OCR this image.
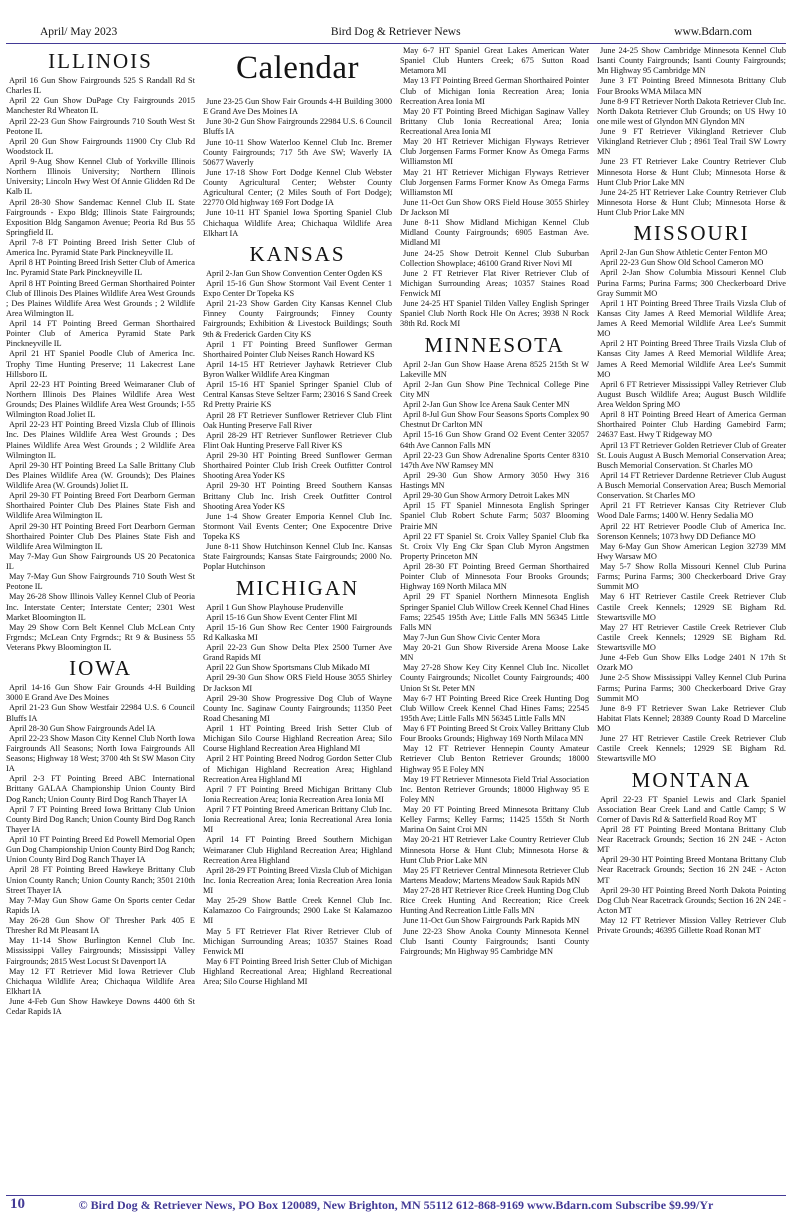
April/ May 2023	Bird Dog & Retriever News	www.Bdarn.com
ILLINOIS

April 16 Gun Show Fairgrounds 525 S Randall Rd St Charles IL

April 22 Gun Show DuPage Cty Fairgrounds 2015 Manchester Rd Wheaton IL

April 22-23 Gun Show Fairgrounds 710 South West St Peotone IL

April 20 Gun Show Fairgrounds 11900 Cty Club Rd Woodstock IL

April 9-Aug Show Kennel Club of Yorkville Illinois Northern Illinois University; Northern Illinois University; Lincoln Hwy West Of Annie Glidden Rd De Kalb IL

April 28-30 Show Sandemac Kennel Club IL State Fairgrounds - Expo Bldg; Illinois State Fairgrounds; Exposition Bldg Sangamon Avenue; Peoria Rd Bus 55 Springfield IL

April 7-8 FT Pointing Breed Irish Setter Club of America Inc. Pyramid State Park Pinckneyville IL

April 8 HT Pointing Breed Irish Setter Club of America Inc. Pyramid State Park Pinckneyville IL

April 8 HT Pointing Breed German Shorthaired Pointer Club of Illinois Des Plaines Wildlife Area West Grounds ; Des Plaines Wildlife Area West Grounds ; 2 Wildlife Area Wilmington IL

April 14 FT Pointing Breed German Shorthaired Pointer Club of America Pyramid State Park Pinckneyville IL

April 21 HT Spaniel Poodle Club of America Inc. Trophy Time Hunting Preserve; 11 Lakecrest Lane Hillsboro IL

April 22-23 HT Pointing Breed Weimaraner Club of Northern Illinois Des Plaines Wildlife Area West Grounds; Des Plaines Wildlife Area West Grounds; I-55 Wilmington Road Joliet IL

April 22-23 HT Pointing Breed Vizsla Club of Illinois Inc. Des Plaines Wildlife Area West Grounds ; Des Plaines Wildlife Area West Grounds ; 2 Wildlife Area Wilmington IL

April 29-30 HT Pointing Breed La Salle Brittany Club Des Plaines Wildlife Area (W. Grounds); Des Plaines Wildlife Area (W. Grounds) Joliet IL

April 29-30 FT Pointing Breed Fort Dearborn German Shorthaired Pointer Club Des Plaines State Fish and Wildlife Area Wilmington IL

April 29-30 HT Pointing Breed Fort Dearborn German Shorthaired Pointer Club Des Plaines State Fish and Wildlife Area Wilmington IL

May 7-May Gun Show Fairgrounds US 20 Pecatonica IL

May 7-May Gun Show Fairgrounds 710 South West St Peotone IL

May 26-28 Show Illinois Valley Kennel Club of Peoria Inc. Interstate Center; Interstate Center; 2301 West Market Bloomington IL

May 29 Show Corn Belt Kennel Club McLean Cnty Frgrnds:; McLean Cnty Frgrnds:; Rt 9 & Business 55 Veterans Pkwy Bloomington IL

IOWA

April 14-16 Gun Show Fair Grounds 4-H Building 3000 E Grand Ave Des Moines

April 21-23 Gun Show Westfair 22984 U.S. 6 Council Bluffs IA

April 28-30 Gun Show Fairgrounds Adel IA

April 22-23 Show Mason City Kennel Club North Iowa Fairgrounds All Seasons; North Iowa Fairgrounds All Seasons; Highway 18 West; 3700 4th St SW Mason City IA

April 2-3 FT Pointing Breed ABC International Brittany GALAA Championship Union County Bird Dog Ranch; Union County Bird Dog Ranch Thayer IA

April 7 FT Pointing Breed Iowa Brittany Club Union County Bird Dog Ranch; Union County Bird Dog Ranch Thayer IA

April 10 FT Pointing Breed Ed Powell Memorial Open Gun Dog Championship Union County Bird Dog Ranch; Union County Bird Dog Ranch Thayer IA

April 28 FT Pointing Breed Hawkeye Brittany Club Union County Ranch; Union County Ranch; 3501 210th Street Thayer IA

May 7-May Gun Show Game On Sports center Cedar Rapids IA

May 26-28 Gun Show Ol' Thresher Park 405 E Thresher Rd Mt Pleasant IA

May 11-14 Show Burlington Kennel Club Inc. Mississippi Valley Fairgrounds; Mississippi Valley Fairgrounds; 2815 West Locust St Davenport IA

May 12 FT Retriever Mid Iowa Retriever Club Chichaqua Wildlife Area; Chichaqua Wildlife Area Elkhart IA

June 4-Feb Gun Show Hawkeye Downs 4400 6th St Cedar Rapids IA

Calendar

June 23-25 Gun Show Fair Grounds 4-H Building 3000 E Grand Ave Des Moines IA

June 30-2 Gun Show Fairgrounds 22984 U.S. 6 Council Bluffs IA

June 10-11 Show Waterloo Kennel Club Inc. Bremer County Fairgrounds; 717 5th Ave SW; Waverly IA 50677 Waverly

June 17-18 Show Fort Dodge Kennel Club Webster County Agricultural Center; Webster County Agricultural Center; (2 Miles South of Fort Dodge); 22770 Old highway 169 Fort Dodge IA

June 10-11 HT Spaniel Iowa Sporting Spaniel Club Chichaqua Wildlife Area; Chichaqua Wildlife Area Elkhart IA

KANSAS

April 2-Jan Gun Show Convention Center Ogden KS

April 15-16 Gun Show Stormont Vail Event Center 1 Expo Center Dr Topeka KS

April 21-23 Show Garden City Kansas Kennel Club Finney County Fairgrounds; Finney County Fairgrounds; Exhibition & Livestock Buildings; South 9th & Frederick Garden City KS

April 1 FT Pointing Breed Sunflower German Shorthaired Pointer Club Neises Ranch Howard KS

April 14-15 HT Retriever Jayhawk Retriever Club Byron Walker Wildlife Area Kingman

April 15-16 HT Spaniel Springer Spaniel Club of Central Kansas Steve Seltzer Farm; 23016 S Sand Creek Rd Pretty Prairie KS

April 28 FT Retriever Sunflower Retriever Club Flint Oak Hunting Preserve Fall River

April 28-29 HT Retriever Sunflower Retriever Club Flint Oak Hunting Preserve Fall River KS

April 29-30 HT Pointing Breed Sunflower German Shorthaired Pointer Club Irish Creek Outfitter Control Shooting Area Yoder KS

April 29-30 HT Pointing Breed Southern Kansas Brittany Club Inc. Irish Creek Outfitter Control Shooting Area Yoder KS

June 1-4 Show Greater Emporia Kennel Club Inc. Stormont Vail Events Center; One Expocentre Drive Topeka KS

June 8-11 Show Hutchinson Kennel Club Inc. Kansas State Fairgrounds; Kansas State Fairgrounds; 2000 No. Poplar Hutchinson

MICHIGAN

April 1 Gun Show Playhouse Prudenville

April 15-16 Gun Show Event Center Flint MI

April 15-16 Gun Show Rec Center 1900 Fairgrounds Rd Kalkaska MI

April 22-23 Gun Show Delta Plex 2500 Turner Ave Grand Rapids MI

April 22 Gun Show Sportsmans Club Mikado MI

April 29-30 Gun Show ORS Field House 3055 Shirley Dr Jackson MI

April 29-30 Show Progressive Dog Club of Wayne County Inc. Saginaw County Fairgrounds; 11350 Peet Road Chesaning MI

April 1 HT Pointing Breed Irish Setter Club of Michigan Silo Course Highland Recreation Area; Silo Course Highland Recreation Area Highland MI

April 2 HT Pointing Breed Nodrog Gordon Setter Club of Michigan Highland Recreation Area; Highland Recreation Area Highland MI

April 7 FT Pointing Breed Michigan Brittany Club Ionia Recreation Area; Ionia Recreation Area Ionia MI

April 7 FT Pointing Breed American Brittany Club Inc. Ionia Recreational Area; Ionia Recreational Area Ionia MI

April 14 FT Pointing Breed Southern Michigan Weimaraner Club Highland Recreation Area; Highland Recreation Area Highland

April 28-29 FT Pointing Breed Vizsla Club of Michigan Inc. Ionia Recreation Area; Ionia Recreation Area Ionia MI

May 25-29 Show Battle Creek Kennel Club Inc. Kalamazoo Co Fairgrounds; 2900 Lake St Kalamazoo MI

May 5 FT Retriever Flat River Retriever Club of Michigan Surrounding Areas; 10357 Staines Road Fenwick MI

May 6 FT Pointing Breed Irish Setter Club of Michigan Highland Recreational Area; Highland Recreational Area; Silo Course Highland MI

May 6-7 HT Spaniel Great Lakes American Water Spaniel Club Hunters Creek; 675 Sutton Road Metamora MI

May 13 FT Pointing Breed German Shorthaired Pointer Club of Michigan Ionia Recreation Area; Ionia Recreation Area Ionia MI

May 20 FT Pointing Breed Michigan Saginaw Valley Brittany Club Ionia Recreational Area; Ionia Recreational Area Ionia MI

May 20 HT Retriever Michigan Flyways Retriever Club Jorgensen Farms Former Know As Omega Farms Williamston MI

May 21 HT Retriever Michigan Flyways Retriever Club Jorgensen Farms Former Know As Omega Farms Williamston MI

June 11-Oct Gun Show ORS Field House 3055 Shirley Dr Jackson MI

June 8-11 Show Midland Michigan Kennel Club Midland County Fairgrounds; 6905 Eastman Ave. Midland MI

June 24-25 Show Detroit Kennel Club Suburban Collection Showplace; 46100 Grand River Novi MI

June 2 FT Retriever Flat River Retriever Club of Michigan Surrounding Areas; 10357 Staines Road Fenwick MI

June 24-25 HT Spaniel Tilden Valley English Springer Spaniel Club North Rock Hle On Acres; 3938 N Rock 38th Rd. Rock MI

MINNESOTA

April 2-Jan Gun Show Haase Arena 8525 215th St W Lakeville MN

April 2-Jan Gun Show Pine Technical College Pine City MN

April 2-Jan Gun Show Ice Arena Sauk Center MN

April 8-Jul Gun Show Four Seasons Sports Complex 90 Chestnut Dr Carlton MN

April 15-16 Gun Show Grand O2 Event Center 32057 64th Ave Cannon Falls MN

April 22-23 Gun Show Adrenaline Sports Center 8310 147th Ave NW Ramsey MN

April 29-30 Gun Show Armory 3050 Hwy 316 Hastings MN

April 29-30 Gun Show Armory Detroit Lakes MN

April 15 FT Spaniel Minnesota English Springer Spaniel Club Robert Schute Farm; 5037 Blooming Prairie MN

April 22 FT Spaniel St. Croix Valley Spaniel Club fka St. Croix Vly Eng Ckr Span Club Myron Angstmen Property Princeton MN

April 28-30 FT Pointing Breed German Shorthaired Pointer Club of Minnesota Four Brooks Grounds; Highway 169 North Milaca MN

April 29 FT Spaniel Northern Minnesota English Springer Spaniel Club Willow Creek Kennel Chad Hines Fams; 22545 195th Ave; Little Falls MN 56345 Little Falls MN

May 7-Jun Gun Show Civic Center Mora

May 20-21 Gun Show Riverside Arena Moose Lake MN

May 27-28 Show Key City Kennel Club Inc. Nicollet County Fairgrounds; Nicollet County Fairgrounds; 400 Union St St. Peter MN

May 6-7 HT Pointing Breed Rice Creek Hunting Dog Club Willow Creek Kennel Chad Hines Fams; 22545 195th Ave; Little Falls MN 56345 Little Falls MN

May 6 FT Pointing Breed St Croix Valley Brittany Club Four Brooks Grounds; Highway 169 North Milaca MN

May 12 FT Retriever Hennepin County Amateur Retriever Club Benton Retriever Grounds; 18000 Highway 95 E Foley MN

May 19 FT Retriever Minnesota Field Trial Association Inc. Benton Retriever Grounds; 18000 Highway 95 E Foley MN

May 20 FT Pointing Breed Minnesota Brittany Club Kelley Farms; Kelley Farms; 11425 155th St North Marina On Saint Croi MN

May 20-21 HT Retriever Lake Country Retriever Club Minnesota Horse & Hunt Club; Minnesota Horse & Hunt Club Prior Lake MN

May 25 FT Retriever Central Minnesota Retriever Club Martens Meadow; Martens Meadow Sauk Rapids MN

May 27-28 HT Retriever Rice Creek Hunting Dog Club Rice Creek Hunting And Recreation; Rice Creek Hunting And Recreation Little Falls MN

June 11-Oct Gun Show Fairgrounds Park Rapids MN

June 22-23 Show Anoka County Minnesota Kennel Club Isanti County Fairgrounds; Isanti County Fairgrounds; Mn Highway 95 Cambridge MN

June 24-25 Show Cambridge Minnesota Kennel Club Isanti County Fairgrounds; Isanti County Fairgrounds; Mn Highway 95 Cambridge MN

June 3 FT Pointing Breed Minnesota Brittany Club Four Brooks WMA Milaca MN

June 8-9 FT Retriever North Dakota Retriever Club Inc. North Dakota Retriever Club Grounds; on US Hwy 10 one mile west of Glyndon MN Glyndon MN

June 9 FT Retriever Vikingland Retriever Club Vikingland Retriever Club ; 8961 Teal Trail SW Lowry MN

June 23 FT Retriever Lake Country Retriever Club Minnesota Horse & Hunt Club; Minnesota Horse & Hunt Club Prior Lake MN

June 24-25 HT Retriever Lake Country Retriever Club Minnesota Horse & Hunt Club; Minnesota Horse & Hunt Club Prior Lake MN

MISSOURI

April 2-Jan Gun Show Athletic Center Fenton MO

April 22-23 Gun Show Old School Cameron MO

April 2-Jan Show Columbia Missouri Kennel Club Purina Farms; Purina Farms; 300 Checkerboard Drive Gray Summit MO

April 1 HT Pointing Breed Three Trails Vizsla Club of Kansas City James A Reed Memorial Wildlife Area; James A Reed Memorial Wildlife Area Lee's Summit MO

April 2 HT Pointing Breed Three Trails Vizsla Club of Kansas City James A Reed Memorial Wildlife Area; James A Reed Memorial Wildlife Area Lee's Summit MO

April 6 FT Retriever Mississippi Valley Retriever Club August Busch Wildlife Area; August Busch Wildlife Area Weldon Spring MO

April 8 HT Pointing Breed Heart of America German Shorthaired Pointer Club Harding Gamebird Farm; 24637 East. Hwy T Ridgeway MO

April 13 FT Retriever Golden Retriever Club of Greater St. Louis August A Busch Memorial Conservation Area; Busch Memorial Conservation. St Charles MO

April 14 FT Retriever Dardenne Retriever Club August A Busch Memorial Conservation Area; Busch Memorial Conservation. St Charles MO

April 21 FT Retriever Kansas City Retriever Club Wood Dale Farms; 1400 W. Henry Sedalia MO

April 22 HT Retriever Poodle Club of America Inc. Sorenson Kennels; 1073 hwy DD Defiance MO

May 6-May Gun Show American Legion 32739 MM Hwy Warsaw MO

May 5-7 Show Rolla Missouri Kennel Club Purina Farms; Purina Farms; 300 Checkerboard Drive Gray Summit MO

May 6 HT Retriever Castile Creek Retriever Club Castile Creek Kennels; 12929 SE Bigham Rd. Stewartsville MO

May 27 HT Retriever Castile Creek Retriever Club Castile Creek Kennels; 12929 SE Bigham Rd. Stewartsville MO

June 4-Feb Gun Show Elks Lodge 2401 N 17th St Ozark MO

June 2-5 Show Mississippi Valley Kennel Club Purina Farms; Purina Farms; 300 Checkerboard Drive Gray Summit MO

June 8-9 FT Retriever Swan Lake Retriever Club Habitat Flats Kennel; 28389 County Road D Marceline MO

June 27 HT Retriever Castile Creek Retriever Club Castile Creek Kennels; 12929 SE Bigham Rd. Stewartsville MO

MONTANA

April 22-23 FT Spaniel Lewis and Clark Spaniel Association Bear Creek Land and Cattle Camp; S W Corner of Davis Rd & Satterfield Road Roy MT

April 28 FT Pointing Breed Montana Brittany Club Near Racetrack Grounds; Section 16 2N 24E - Acton MT

April 29-30 HT Pointing Breed Montana Brittany Club Near Racetrack Grounds; Section 16 2N 24E - Acton MT

April 29-30 HT Pointing Breed North Dakota Pointing Dog Club Near Racetrack Grounds; Section 16 2N 24E - Acton MT

May 12 FT Retriever Mission Valley Retriever Club Private Grounds; 46395 Gillette Road Ronan MT

10	© Bird Dog & Retriever News, PO Box 120089, New Brighton, MN 55112 612-868-9169 www.Bdarn.com Subscribe $9.99/Yr
